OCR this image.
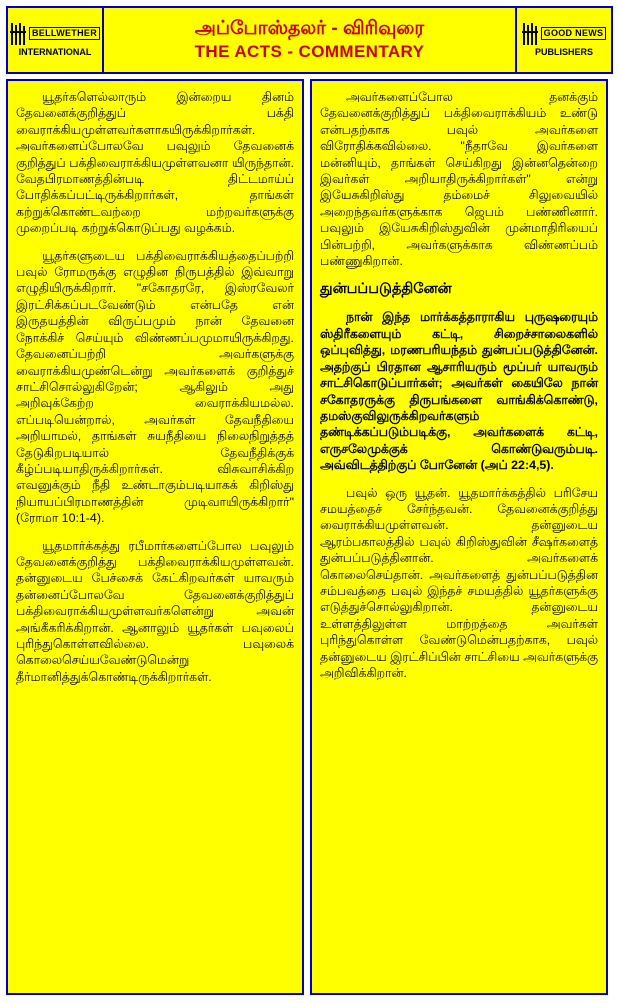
BELLWETHER
INTERNATIONAL
அப்போஸ்தலர் - விரிவுரை
THE ACTS - COMMENTARY
GOOD NEWS
PUBLISHERS

யூதர்களெல்லாரும் இன்றைய தினம் தேவனைக்குறித்துப் பக்தி வைராக்கியமுள்ளவர்களாகயிருக்கிறார்கள். அவர்களைப்போலவே பவுலும் தேவனைக் குறித்துப் பக்திவைராக்கியமுள்ளவனா யிருந்தான். வேதபிரமாணத்தின்படி திட்டமாய்ப் போதிக்கப்பட்டிருக்கிறார்கள், தாங்கள் கற்றுக்கொண்டவற்றை மற்றவர்களுக்கு முறைப்படி கற்றுக்கொடுப்பது வழக்கம்.

யூதர்களுடைய பக்திவைராக்கியத்தைப்பற்றி பவுல் ரோமருக்கு எழுதின நிருபத்தில் இவ்வாறு எழுதியிருக்கிறார். "சகோதரரே, இஸ்ரவேலர் இரட்சிக்கப்படவேண்டும் என்பதே என் இருதயத்தின் விருப்பமும் நான் தேவனை நோக்கிச் செய்யும் விண்ணப்பமுமாயிருக்கிறது. தேவனைப்பற்றி அவர்களுக்கு வைராக்கியமுண்டென்று அவர்களைக் குறித்துச் சாட்சிசொல்லுகிறேன்; ஆகிலும் அது அறிவுக்கேற்ற வைராக்கியமல்ல. எப்படியென்றால், அவர்கள் தேவநீதியை அறியாமல், தாங்கள் சுயநீதியை நிலைநிறுத்தத் தேடுகிறபடியால் தேவநீதிக்குக் கீழ்ப்படியாதிருக்கிறார்கள். விசுவாசிக்கிற எவனுக்கும் நீதி உண்டாகும்படியாகக் கிறிஸ்து நியாயப்பிரமாணத்தின் முடிவாயிருக்கிறார்" (ரோமா 10:1-4).

யூதமார்க்கத்து ரபீமார்களைப்போல பவுலும் தேவனைக்குறித்து பக்திவைராக்கியமுள்ளவன். தன்னுடைய பேச்சைக் கேட்கிறவர்கள் யாவரும் தன்னைப்போலவே தேவனைக்குறித்துப் பக்திவைராக்கியமுள்ளவர்களென்று அவன் அங்கீகரிக்கிறான். ஆனாலும் யூதர்கள் பவுலைப் புரிந்துகொள்ளவில்லை. பவுலைக் கொலைசெய்யவேண்டுமென்று தீர்மானித்துக்கொண்டிருக்கிறார்கள்.

அவர்களைப்போல தனக்கும் தேவனைக்குறித்துப் பக்திவைராக்கியம் உண்டு என்பதற்காக பவுல் அவர்களை விரோதிக்கவில்லை. "நீதாவே இவர்களை மன்னியும், தாங்கள் செய்கிறது இன்னதென்றை இவர்கள் அறியாதிருக்கிறார்கள்" என்று இயேசுகிறிஸ்து தம்மைச் சிலுவையில் அறைந்தவர்களுக்காக ஜெபம் பண்ணினார். பவுலும் இயேசுகிறிஸ்துவின் முன்மாதிரியைப் பின்பற்றி, அவர்களுக்காக விண்ணப்பம் பண்ணுகிறான்.

துன்பப்படுத்தினேன்

நான் இந்த மார்க்கத்தாராகிய புருஷரையும் ஸ்திரீகளையும் கட்டி, சிறைச்சாலைகளில் ஒப்புவித்து, மரணபரியந்தம் துன்பப்படுத்தினேன். அதற்குப் பிரதான ஆசாரியரும் மூப்பர் யாவரும் சாட்சிகொடுப்பார்கள்; அவர்கள் கையிலே நான் சகோதரருக்கு திருபங்களை வாங்கிக்கொண்டு, தமஸ்குவிலுருக்கிறவர்களும் தண்டிக்கப்படும்படிக்கு, அவர்களைக் கட்டி, எருசலேமுக்குக் கொண்டுவரும்படி. அவ்விடத்திற்குப் போனேன் (அப் 22:4,5).

பவுல் ஒரு யூதன். யூதமார்க்கத்தில் பரிசேய சமயத்தைச் சேர்ந்தவன். தேவனைக்குறித்து வைராக்கியமுள்ளவன். தன்னுடைய ஆரம்பகாலத்தில் பவுல் கிறிஸ்துவின் சீஷர்களைத் துன்பப்படுத்தினான். அவர்களைக் கொலைசெய்தான். அவர்களைத் துன்பப்படுத்தின சம்பவத்தை பவுல் இந்தச் சமயத்தில் யூதர்களுக்கு எடுத்துச்சொல்லுகிறான். தன்னுடைய உள்ளத்திலுள்ள மாற்றத்தை அவர்கள் புரிந்துகொள்ள வேண்டுமென்பதற்காக, பவுல் தன்னுடைய இரட்சிப்பின் சாட்சியை அவர்களுக்கு அறிவிக்கிறான்.
